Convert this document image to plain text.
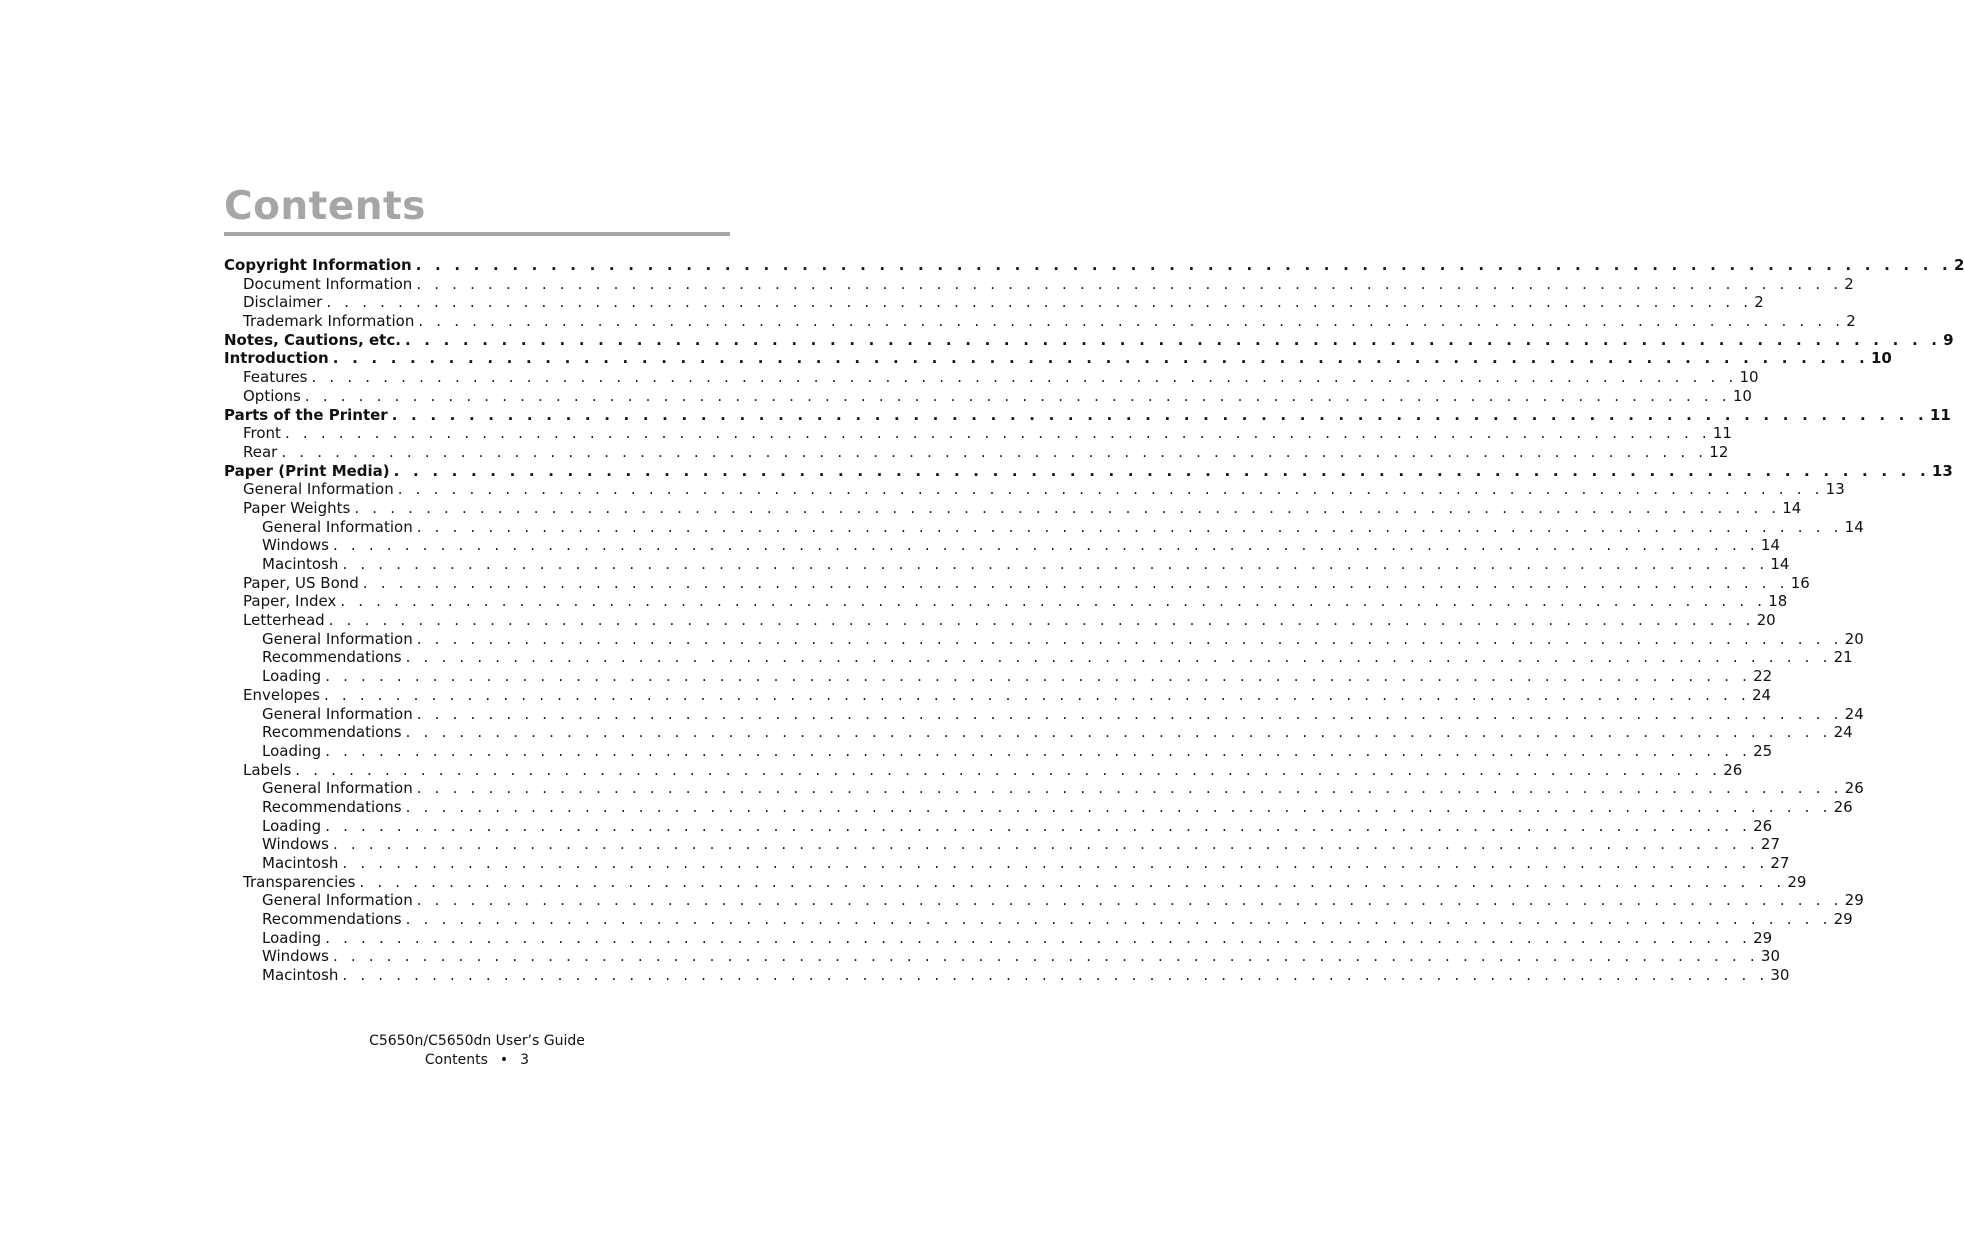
Contents
Copyright Information . . . . . . . . . . . . . . . . . . . . . . . . . . . . . . . . . . . . . . . . . . . . . . . . . . . . . . . . . . . . . . . . . . . . . . . . . . . . . . . . 2
Document Information . . . . . . . . . . . . . . . . . . . . . . . . . . . . . . . . . . . . . . . . . . . . . . . . . . . . . . . . . . . . . . . . . . . . . . . . . . . . . . . . 2
Disclaimer . . . . . . . . . . . . . . . . . . . . . . . . . . . . . . . . . . . . . . . . . . . . . . . . . . . . . . . . . . . . . . . . . . . . . . . . . . . . . . . . 2
Trademark Information . . . . . . . . . . . . . . . . . . . . . . . . . . . . . . . . . . . . . . . . . . . . . . . . . . . . . . . . . . . . . . . . . . . . . . . . . . . . . . . . 2
Notes, Cautions, etc. . . . . . . . . . . . . . . . . . . . . . . . . . . . . . . . . . . . . . . . . . . . . . . . . . . . . . . . . . . . . . . . . . . . . . . . . . . . . . . . . 9
Introduction . . . . . . . . . . . . . . . . . . . . . . . . . . . . . . . . . . . . . . . . . . . . . . . . . . . . . . . . . . . . . . . . . . . . . . . . . . . . . . . . 10
Features . . . . . . . . . . . . . . . . . . . . . . . . . . . . . . . . . . . . . . . . . . . . . . . . . . . . . . . . . . . . . . . . . . . . . . . . . . . . . . . . 10
Options . . . . . . . . . . . . . . . . . . . . . . . . . . . . . . . . . . . . . . . . . . . . . . . . . . . . . . . . . . . . . . . . . . . . . . . . . . . . . . . . 10
Parts of the Printer . . . . . . . . . . . . . . . . . . . . . . . . . . . . . . . . . . . . . . . . . . . . . . . . . . . . . . . . . . . . . . . . . . . . . . . . . . . . . . . . 11
Front . . . . . . . . . . . . . . . . . . . . . . . . . . . . . . . . . . . . . . . . . . . . . . . . . . . . . . . . . . . . . . . . . . . . . . . . . . . . . . . . 11
Rear . . . . . . . . . . . . . . . . . . . . . . . . . . . . . . . . . . . . . . . . . . . . . . . . . . . . . . . . . . . . . . . . . . . . . . . . . . . . . . . . 12
Paper (Print Media) . . . . . . . . . . . . . . . . . . . . . . . . . . . . . . . . . . . . . . . . . . . . . . . . . . . . . . . . . . . . . . . . . . . . . . . . . . . . . . . . 13
General Information . . . . . . . . . . . . . . . . . . . . . . . . . . . . . . . . . . . . . . . . . . . . . . . . . . . . . . . . . . . . . . . . . . . . . . . . . . . . . . . . 13
Paper Weights . . . . . . . . . . . . . . . . . . . . . . . . . . . . . . . . . . . . . . . . . . . . . . . . . . . . . . . . . . . . . . . . . . . . . . . . . . . . . . . . 14
General Information . . . . . . . . . . . . . . . . . . . . . . . . . . . . . . . . . . . . . . . . . . . . . . . . . . . . . . . . . . . . . . . . . . . . . . . . . . . . . . . . 14
Windows . . . . . . . . . . . . . . . . . . . . . . . . . . . . . . . . . . . . . . . . . . . . . . . . . . . . . . . . . . . . . . . . . . . . . . . . . . . . . . . . 14
Macintosh . . . . . . . . . . . . . . . . . . . . . . . . . . . . . . . . . . . . . . . . . . . . . . . . . . . . . . . . . . . . . . . . . . . . . . . . . . . . . . . . 14
Paper, US Bond . . . . . . . . . . . . . . . . . . . . . . . . . . . . . . . . . . . . . . . . . . . . . . . . . . . . . . . . . . . . . . . . . . . . . . . . . . . . . . . . 16
Paper, Index . . . . . . . . . . . . . . . . . . . . . . . . . . . . . . . . . . . . . . . . . . . . . . . . . . . . . . . . . . . . . . . . . . . . . . . . . . . . . . . . 18
Letterhead . . . . . . . . . . . . . . . . . . . . . . . . . . . . . . . . . . . . . . . . . . . . . . . . . . . . . . . . . . . . . . . . . . . . . . . . . . . . . . . . 20
General Information . . . . . . . . . . . . . . . . . . . . . . . . . . . . . . . . . . . . . . . . . . . . . . . . . . . . . . . . . . . . . . . . . . . . . . . . . . . . . . . . 20
Recommendations . . . . . . . . . . . . . . . . . . . . . . . . . . . . . . . . . . . . . . . . . . . . . . . . . . . . . . . . . . . . . . . . . . . . . . . . . . . . . . . . 21
Loading . . . . . . . . . . . . . . . . . . . . . . . . . . . . . . . . . . . . . . . . . . . . . . . . . . . . . . . . . . . . . . . . . . . . . . . . . . . . . . . . 22
Envelopes . . . . . . . . . . . . . . . . . . . . . . . . . . . . . . . . . . . . . . . . . . . . . . . . . . . . . . . . . . . . . . . . . . . . . . . . . . . . . . . . 24
General Information . . . . . . . . . . . . . . . . . . . . . . . . . . . . . . . . . . . . . . . . . . . . . . . . . . . . . . . . . . . . . . . . . . . . . . . . . . . . . . . . 24
Recommendations . . . . . . . . . . . . . . . . . . . . . . . . . . . . . . . . . . . . . . . . . . . . . . . . . . . . . . . . . . . . . . . . . . . . . . . . . . . . . . . . 24
Loading . . . . . . . . . . . . . . . . . . . . . . . . . . . . . . . . . . . . . . . . . . . . . . . . . . . . . . . . . . . . . . . . . . . . . . . . . . . . . . . . 25
Labels . . . . . . . . . . . . . . . . . . . . . . . . . . . . . . . . . . . . . . . . . . . . . . . . . . . . . . . . . . . . . . . . . . . . . . . . . . . . . . . . 26
General Information . . . . . . . . . . . . . . . . . . . . . . . . . . . . . . . . . . . . . . . . . . . . . . . . . . . . . . . . . . . . . . . . . . . . . . . . . . . . . . . . 26
Recommendations . . . . . . . . . . . . . . . . . . . . . . . . . . . . . . . . . . . . . . . . . . . . . . . . . . . . . . . . . . . . . . . . . . . . . . . . . . . . . . . . 26
Loading . . . . . . . . . . . . . . . . . . . . . . . . . . . . . . . . . . . . . . . . . . . . . . . . . . . . . . . . . . . . . . . . . . . . . . . . . . . . . . . . 26
Windows . . . . . . . . . . . . . . . . . . . . . . . . . . . . . . . . . . . . . . . . . . . . . . . . . . . . . . . . . . . . . . . . . . . . . . . . . . . . . . . . 27
Macintosh . . . . . . . . . . . . . . . . . . . . . . . . . . . . . . . . . . . . . . . . . . . . . . . . . . . . . . . . . . . . . . . . . . . . . . . . . . . . . . . . 27
Transparencies . . . . . . . . . . . . . . . . . . . . . . . . . . . . . . . . . . . . . . . . . . . . . . . . . . . . . . . . . . . . . . . . . . . . . . . . . . . . . . . . 29
General Information . . . . . . . . . . . . . . . . . . . . . . . . . . . . . . . . . . . . . . . . . . . . . . . . . . . . . . . . . . . . . . . . . . . . . . . . . . . . . . . . 29
Recommendations . . . . . . . . . . . . . . . . . . . . . . . . . . . . . . . . . . . . . . . . . . . . . . . . . . . . . . . . . . . . . . . . . . . . . . . . . . . . . . . . 29
Loading . . . . . . . . . . . . . . . . . . . . . . . . . . . . . . . . . . . . . . . . . . . . . . . . . . . . . . . . . . . . . . . . . . . . . . . . . . . . . . . . 29
Windows . . . . . . . . . . . . . . . . . . . . . . . . . . . . . . . . . . . . . . . . . . . . . . . . . . . . . . . . . . . . . . . . . . . . . . . . . . . . . . . . 30
Macintosh . . . . . . . . . . . . . . . . . . . . . . . . . . . . . . . . . . . . . . . . . . . . . . . . . . . . . . . . . . . . . . . . . . . . . . . . . . . . . . . . 30
C5650n/C5650dn User’s Guide
Contents • 3
